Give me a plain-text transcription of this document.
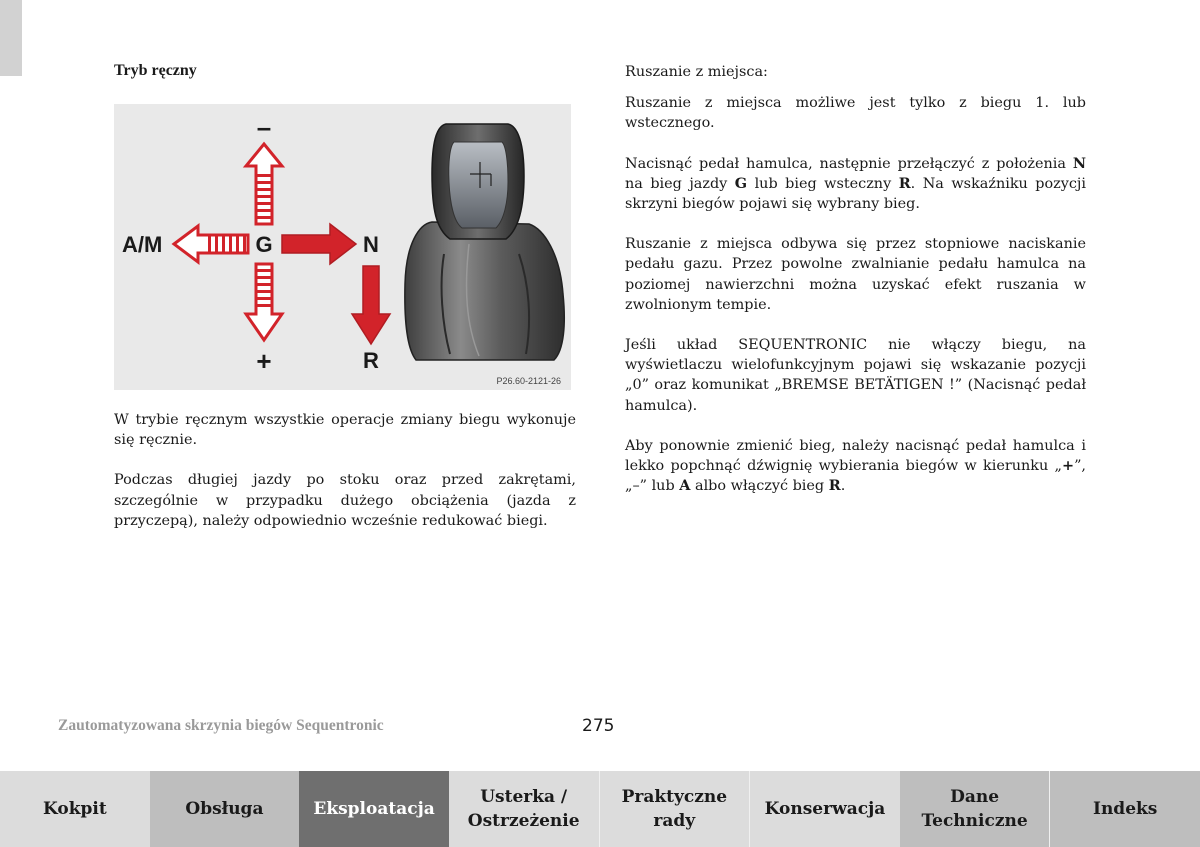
Tryb ręczny
–
A/M	G	N
+	R
P26.60-2121-26

W trybie ręcznym wszystkie operacje zmiany biegu wykonuje się ręcznie.

Podczas długiej jazdy po stoku oraz przed zakrętami, szczególnie w przypadku dużego obciążenia (jazda z przyczepą), należy odpowiednio wcześnie redukować biegi.

Ruszanie z miejsca:

Ruszanie z miejsca możliwe jest tylko z biegu 1. lub wstecznego.

Nacisnąć pedał hamulca, następnie przełączyć z położenia N na bieg jazdy G lub bieg wsteczny R. Na wskaźniku pozycji skrzyni biegów pojawi się wybrany bieg.

Ruszanie z miejsca odbywa się przez stopniowe naciskanie pedału gazu. Przez powolne zwalnianie pedału hamulca na poziomej nawierzchni można uzyskać efekt ruszania w zwolnionym tempie.

Jeśli układ SEQUENTRONIC nie włączy biegu, na wyświetlaczu wielofunkcyjnym pojawi się wskazanie pozycji „0” oraz komunikat „BREMSE BETÄTIGEN !” (Nacisnąć pedał hamulca).

Aby ponownie zmienić bieg, należy nacisnąć pedał hamulca i lekko popchnąć dźwignię wybierania biegów w kierunku „+”, „–” lub A albo włączyć bieg R.

Zautomatyzowana skrzynia biegów Sequentronic	275
Kokpit	Obsługa	Eksploatacja
Usterka /
Ostrzeżenie
Praktyczne
rady
Konserwacja
Dane
Techniczne
Indeks
